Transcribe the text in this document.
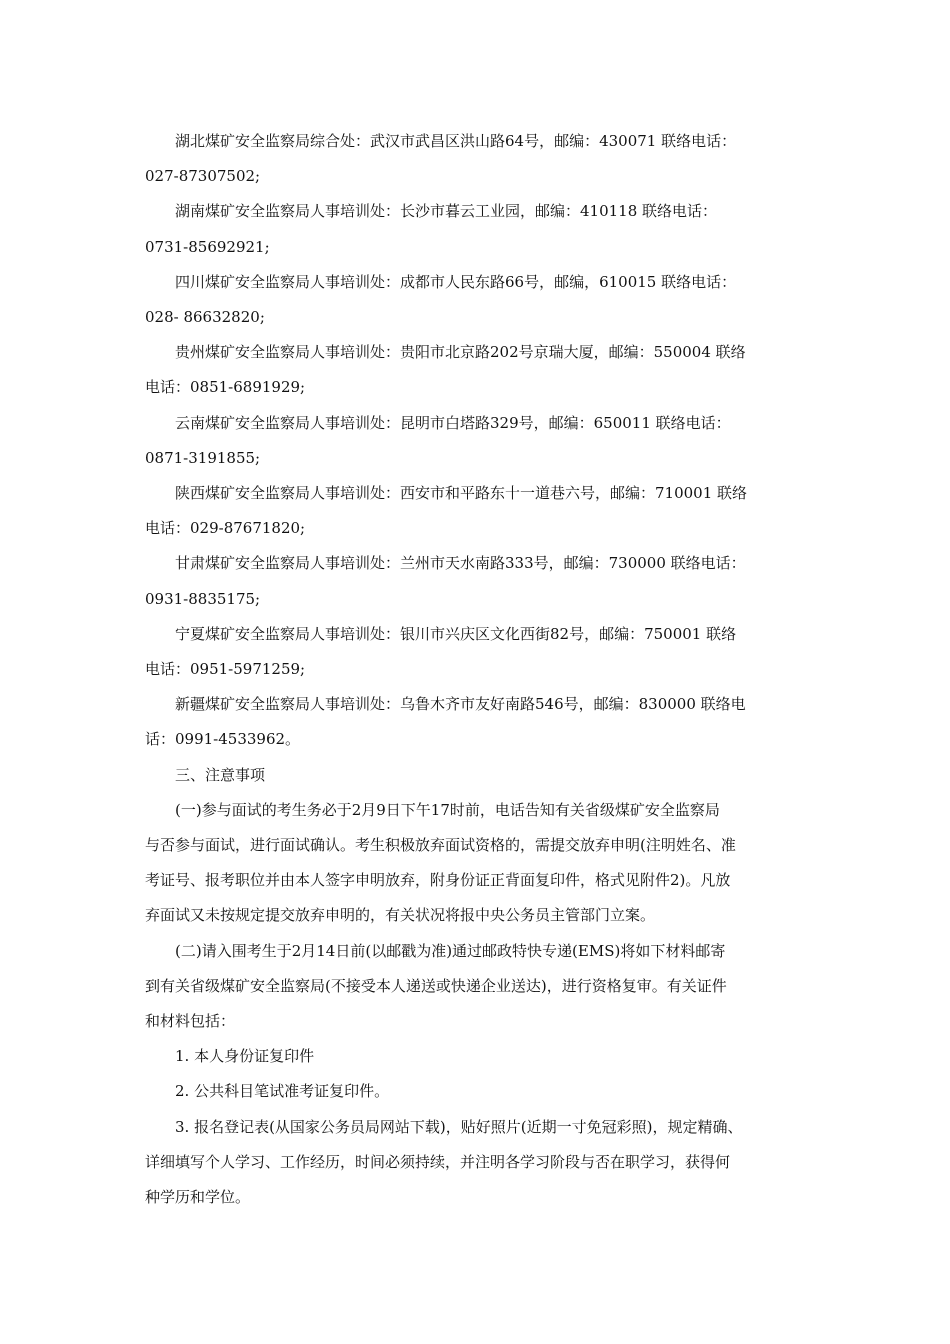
湖北煤矿安全监察局综合处：武汉市武昌区洪山路64号，邮编：430071 联络电话：
027-87307502;
湖南煤矿安全监察局人事培训处：长沙市暮云工业园，邮编：410118 联络电话：
0731-85692921;
四川煤矿安全监察局人事培训处：成都市人民东路66号，邮编，610015 联络电话：
028- 86632820;
贵州煤矿安全监察局人事培训处：贵阳市北京路202号京瑞大厦，邮编：550004 联络
电话：0851-6891929;
云南煤矿安全监察局人事培训处：昆明市白塔路329号，邮编：650011 联络电话：
0871-3191855;
陕西煤矿安全监察局人事培训处：西安市和平路东十一道巷六号，邮编：710001 联络
电话：029-87671820;
甘肃煤矿安全监察局人事培训处：兰州市天水南路333号，邮编：730000 联络电话：
0931-8835175;
宁夏煤矿安全监察局人事培训处：银川市兴庆区文化西街82号，邮编：750001 联络
电话：0951-5971259;
新疆煤矿安全监察局人事培训处：乌鲁木齐市友好南路546号，邮编：830000 联络电
话：0991-4533962。
三、注意事项
(一)参与面试的考生务必于2月9日下午17时前，电话告知有关省级煤矿安全监察局
与否参与面试，进行面试确认。考生积极放弃面试资格的，需提交放弃申明(注明姓名、准
考证号、报考职位并由本人签字申明放弃，附身份证正背面复印件，格式见附件2)。凡放
弃面试又未按规定提交放弃申明的，有关状况将报中央公务员主管部门立案。
(二)请入围考生于2月14日前(以邮戳为准)通过邮政特快专递(EMS)将如下材料邮寄
到有关省级煤矿安全监察局(不接受本人递送或快递企业送达)，进行资格复审。有关证件
和材料包括：
1. 本人身份证复印件
2. 公共科目笔试准考证复印件。
3. 报名登记表(从国家公务员局网站下载)，贴好照片(近期一寸免冠彩照)，规定精确、
详细填写个人学习、工作经历，时间必须持续，并注明各学习阶段与否在职学习，获得何
种学历和学位。
